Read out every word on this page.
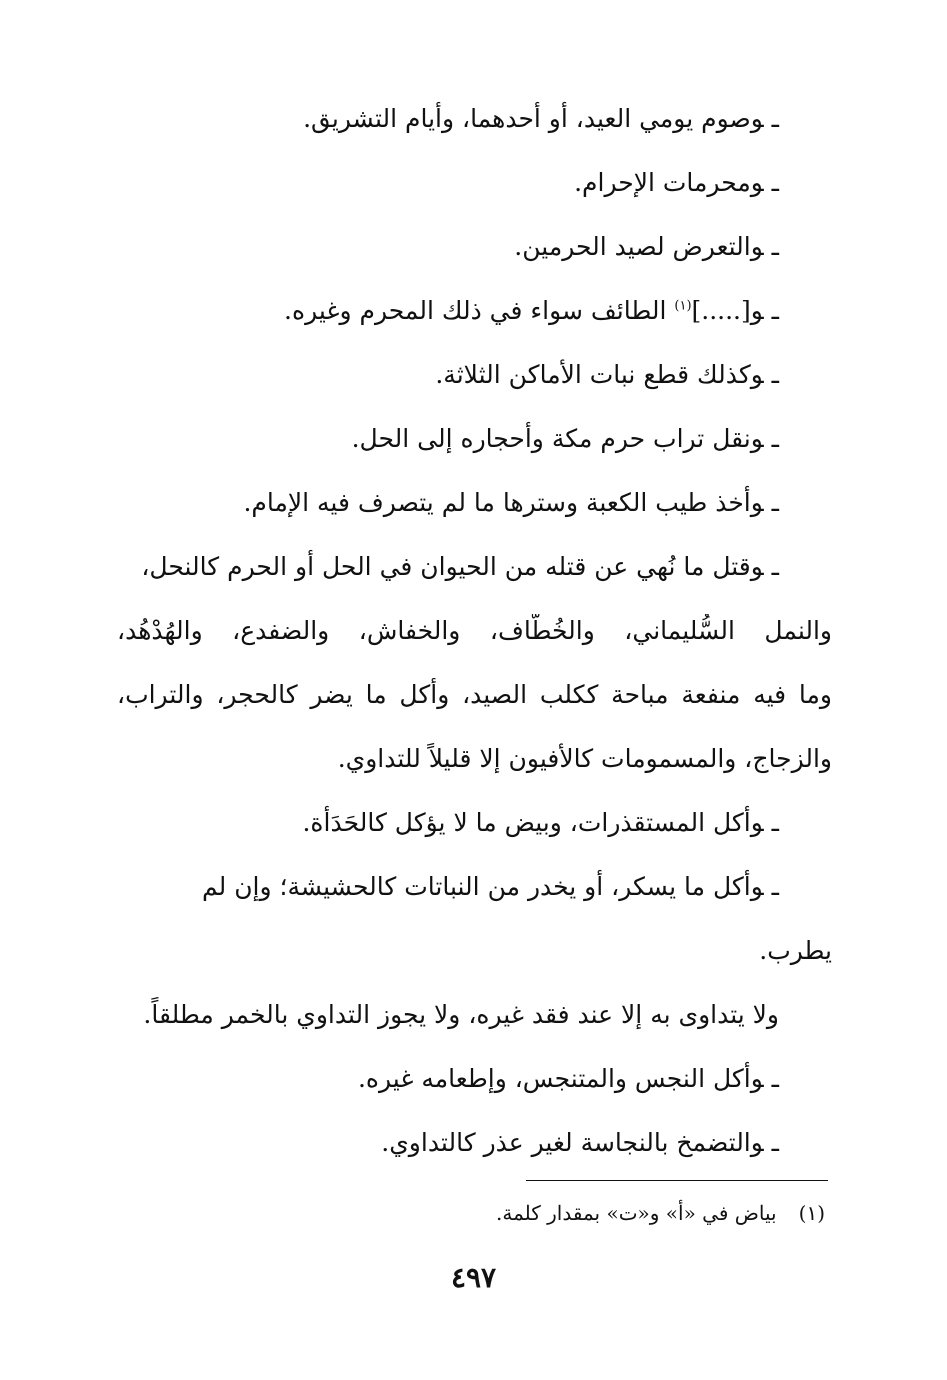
ـوصوم يومي العيد، أو أحدهما، وأيام التشريق.
ـومحرمات الإحرام.
ـوالتعرض لصيد الحرمين.
ـو[.....]$^{(١)}$ الطائف سواء في ذلك المحرم وغيره.
ـوكذلك قطع نبات الأماكن الثلاثة.
ـونقل تراب حرم مكة وأحجاره إلى الحل.
ـوأخذ طيب الكعبة وسترها ما لم يتصرف فيه الإمام.
ـوقتل ما نُهي عن قتله من الحيوان في الحل أو الحرم كالنحل،
والنمل السُّليماني، والخُطَّاف، والخفاش، والضفدع، والهُدْهُد،
وما فيه منفعة مباحة ككلب الصيد، وأكل ما يضر كالحجر، والتراب،
والزجاج، والمسمومات كالأفيون إلا قليلاً للتداوي.
ـوأكل المستقذرات، وبيض ما لا يؤكل كالحَدَأة.
ـوأكل ما يسكر، أو يخدر من النباتات كالحشيشة؛ وإن لم
يطرب.
ولا يتداوى به إلا عند فقد غيره، ولا يجوز التداوي بالخمر مطلقاً.
ـوأكل النجس والمتنجس، وإطعامه غيره.
ـوالتضمخ بالنجاسة لغير عذر كالتداوي.
(١)بياض في «أ» و«ت» بمقدار كلمة.
٤٩٧
